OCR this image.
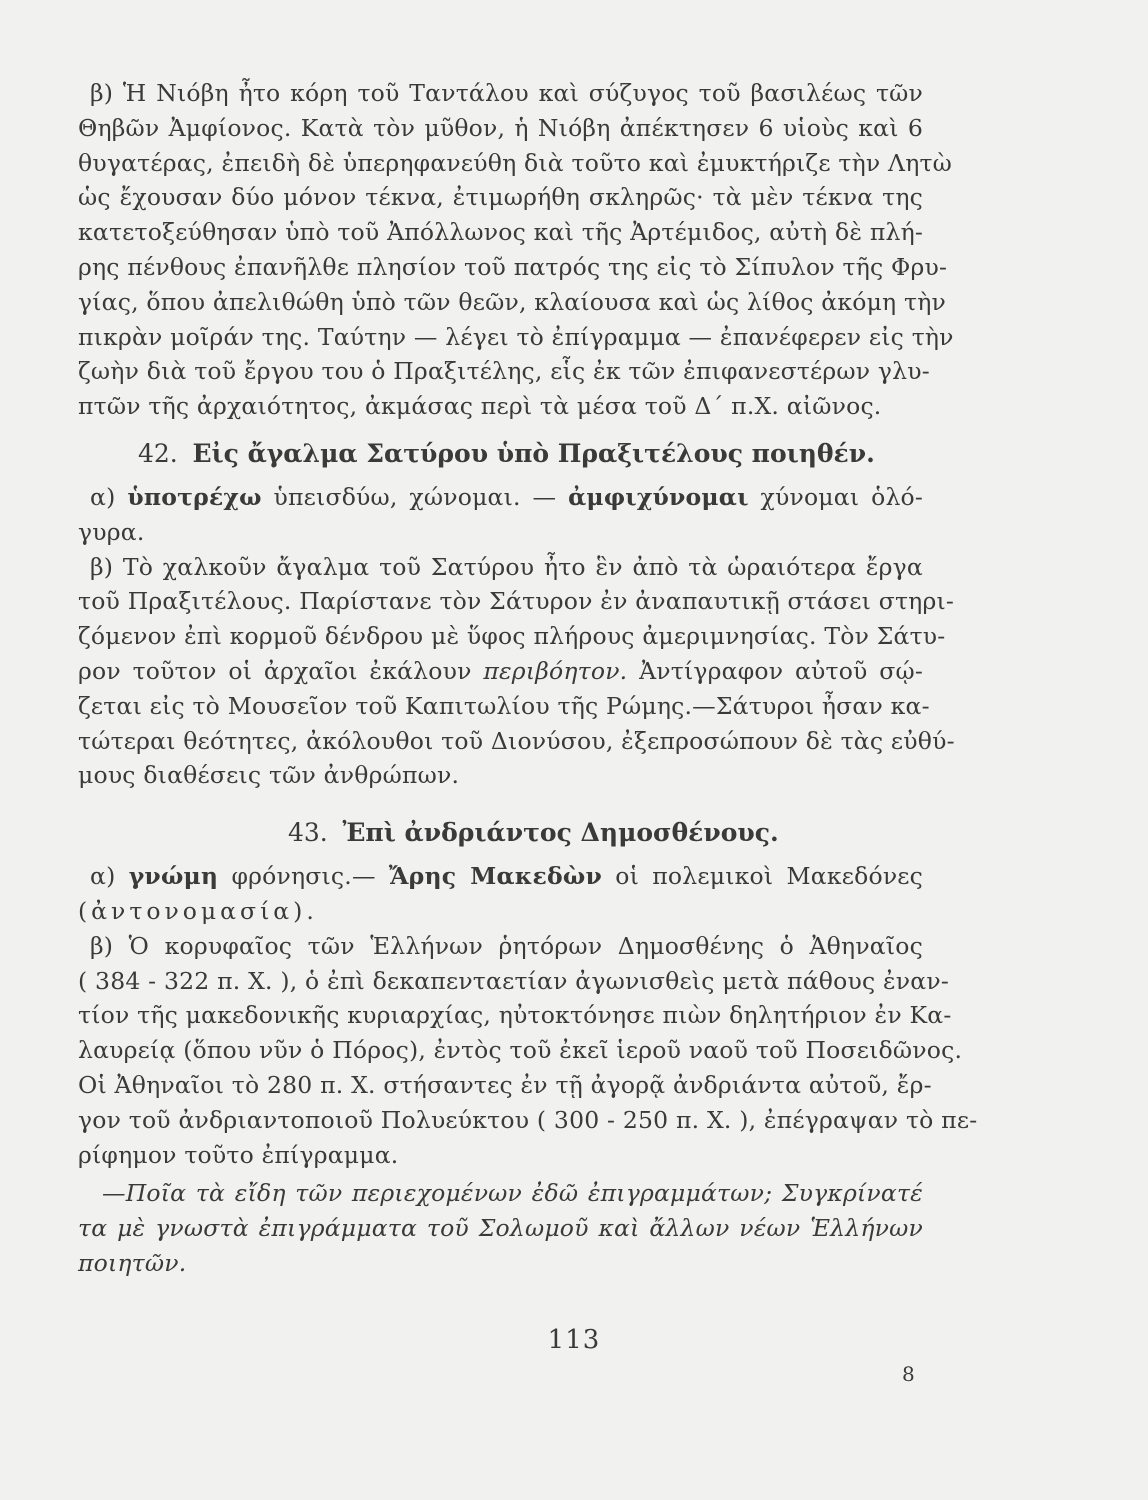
β) Ἡ Νιόβη ἦτο κόρη τοῦ Ταντάλου καὶ σύζυγος τοῦ βασιλέως τῶν
Θηβῶν Ἀμφίονος. Κατὰ τὸν μῦθον, ἡ Νιόβη ἀπέκτησεν 6 υἱοὺς καὶ 6
θυγατέρας, ἐπειδὴ δὲ ὑπερηφανεύθη διὰ τοῦτο καὶ ἐμυκτήριζε τὴν Λητὼ
ὡς ἔχουσαν δύο μόνον τέκνα, ἐτιμωρήθη σκληρῶς· τὰ μὲν τέκνα της
κατετοξεύθησαν ὑπὸ τοῦ Ἀπόλλωνος καὶ τῆς Ἀρτέμιδος, αὐτὴ δὲ πλή-
ρης πένθους ἐπανῆλθε πλησίον τοῦ πατρός της εἰς τὸ Σίπυλον τῆς Φρυ-
γίας, ὅπου ἀπελιθώθη ὑπὸ τῶν θεῶν, κλαίουσα καὶ ὡς λίθος ἀκόμη τὴν
πικρὰν μοῖράν της. Ταύτην — λέγει τὸ ἐπίγραμμα — ἐπανέφερεν εἰς τὴν
ζωὴν διὰ τοῦ ἔργου του ὁ Πραξιτέλης, εἷς ἐκ τῶν ἐπιφανεστέρων γλυ-
πτῶν τῆς ἀρχαιότητος, ἀκμάσας περὶ τὰ μέσα τοῦ Δ´ π.Χ. αἰῶνος.
42. Εἰς ἄγαλμα Σατύρου ὑπὸ Πραξιτέλους ποιηθέν.
α) ὑποτρέχω ὑπεισδύω, χώνομαι. — ἀμφιχύνομαι χύνομαι ὁλό-
γυρα.
β) Τὸ χαλκοῦν ἄγαλμα τοῦ Σατύρου ἦτο ἓν ἀπὸ τὰ ὡραιότερα ἔργα
τοῦ Πραξιτέλους. Παρίστανε τὸν Σάτυρον ἐν ἀναπαυτικῇ στάσει στηρι-
ζόμενον ἐπὶ κορμοῦ δένδρου μὲ ὕφος πλήρους ἀμεριμνησίας. Τὸν Σάτυ-
ρον τοῦτον οἱ ἀρχαῖοι ἐκάλουν περιβόητον. Ἀντίγραφον αὐτοῦ σῴ-
ζεται εἰς τὸ Μουσεῖον τοῦ Καπιτωλίου τῆς Ρώμης.—Σάτυροι ἦσαν κα-
τώτεραι θεότητες, ἀκόλουθοι τοῦ Διονύσου, ἐξεπροσώπουν δὲ τὰς εὐθύ-
μους διαθέσεις τῶν ἀνθρώπων.
43. Ἐπὶ ἀνδριάντος Δημοσθένους.
α) γνώμη φρόνησις.— Ἄρης Μακεδὼν οἱ πολεμικοὶ Μακεδόνες
(ἀντονομασία).
β) Ὁ κορυφαῖος τῶν Ἑλλήνων ῥητόρων Δημοσθένης ὁ Ἀθηναῖος
( 384 - 322 π. Χ. ), ὁ ἐπὶ δεκαπενταετίαν ἀγωνισθεὶς μετὰ πάθους ἐναν-
τίον τῆς μακεδονικῆς κυριαρχίας, ηὐτοκτόνησε πιὼν δηλητήριον ἐν Κα-
λαυρείᾳ (ὅπου νῦν ὁ Πόρος), ἐντὸς τοῦ ἐκεῖ ἱεροῦ ναοῦ τοῦ Ποσειδῶνος.
Οἱ Ἀθηναῖοι τὸ 280 π. Χ. στήσαντες ἐν τῇ ἀγορᾷ ἀνδριάντα αὐτοῦ, ἔρ-
γον τοῦ ἀνδριαντοποιοῦ Πολυεύκτου ( 300 - 250 π. Χ. ), ἐπέγραψαν τὸ πε-
ρίφημον τοῦτο ἐπίγραμμα.
—Ποῖα τὰ εἴδη τῶν περιεχομένων ἐδῶ ἐπιγραμμάτων; Συγκρίνατέ
τα μὲ γνωστὰ ἐπιγράμματα τοῦ Σολωμοῦ καὶ ἄλλων νέων Ἑλλήνων
ποιητῶν.
113
8
